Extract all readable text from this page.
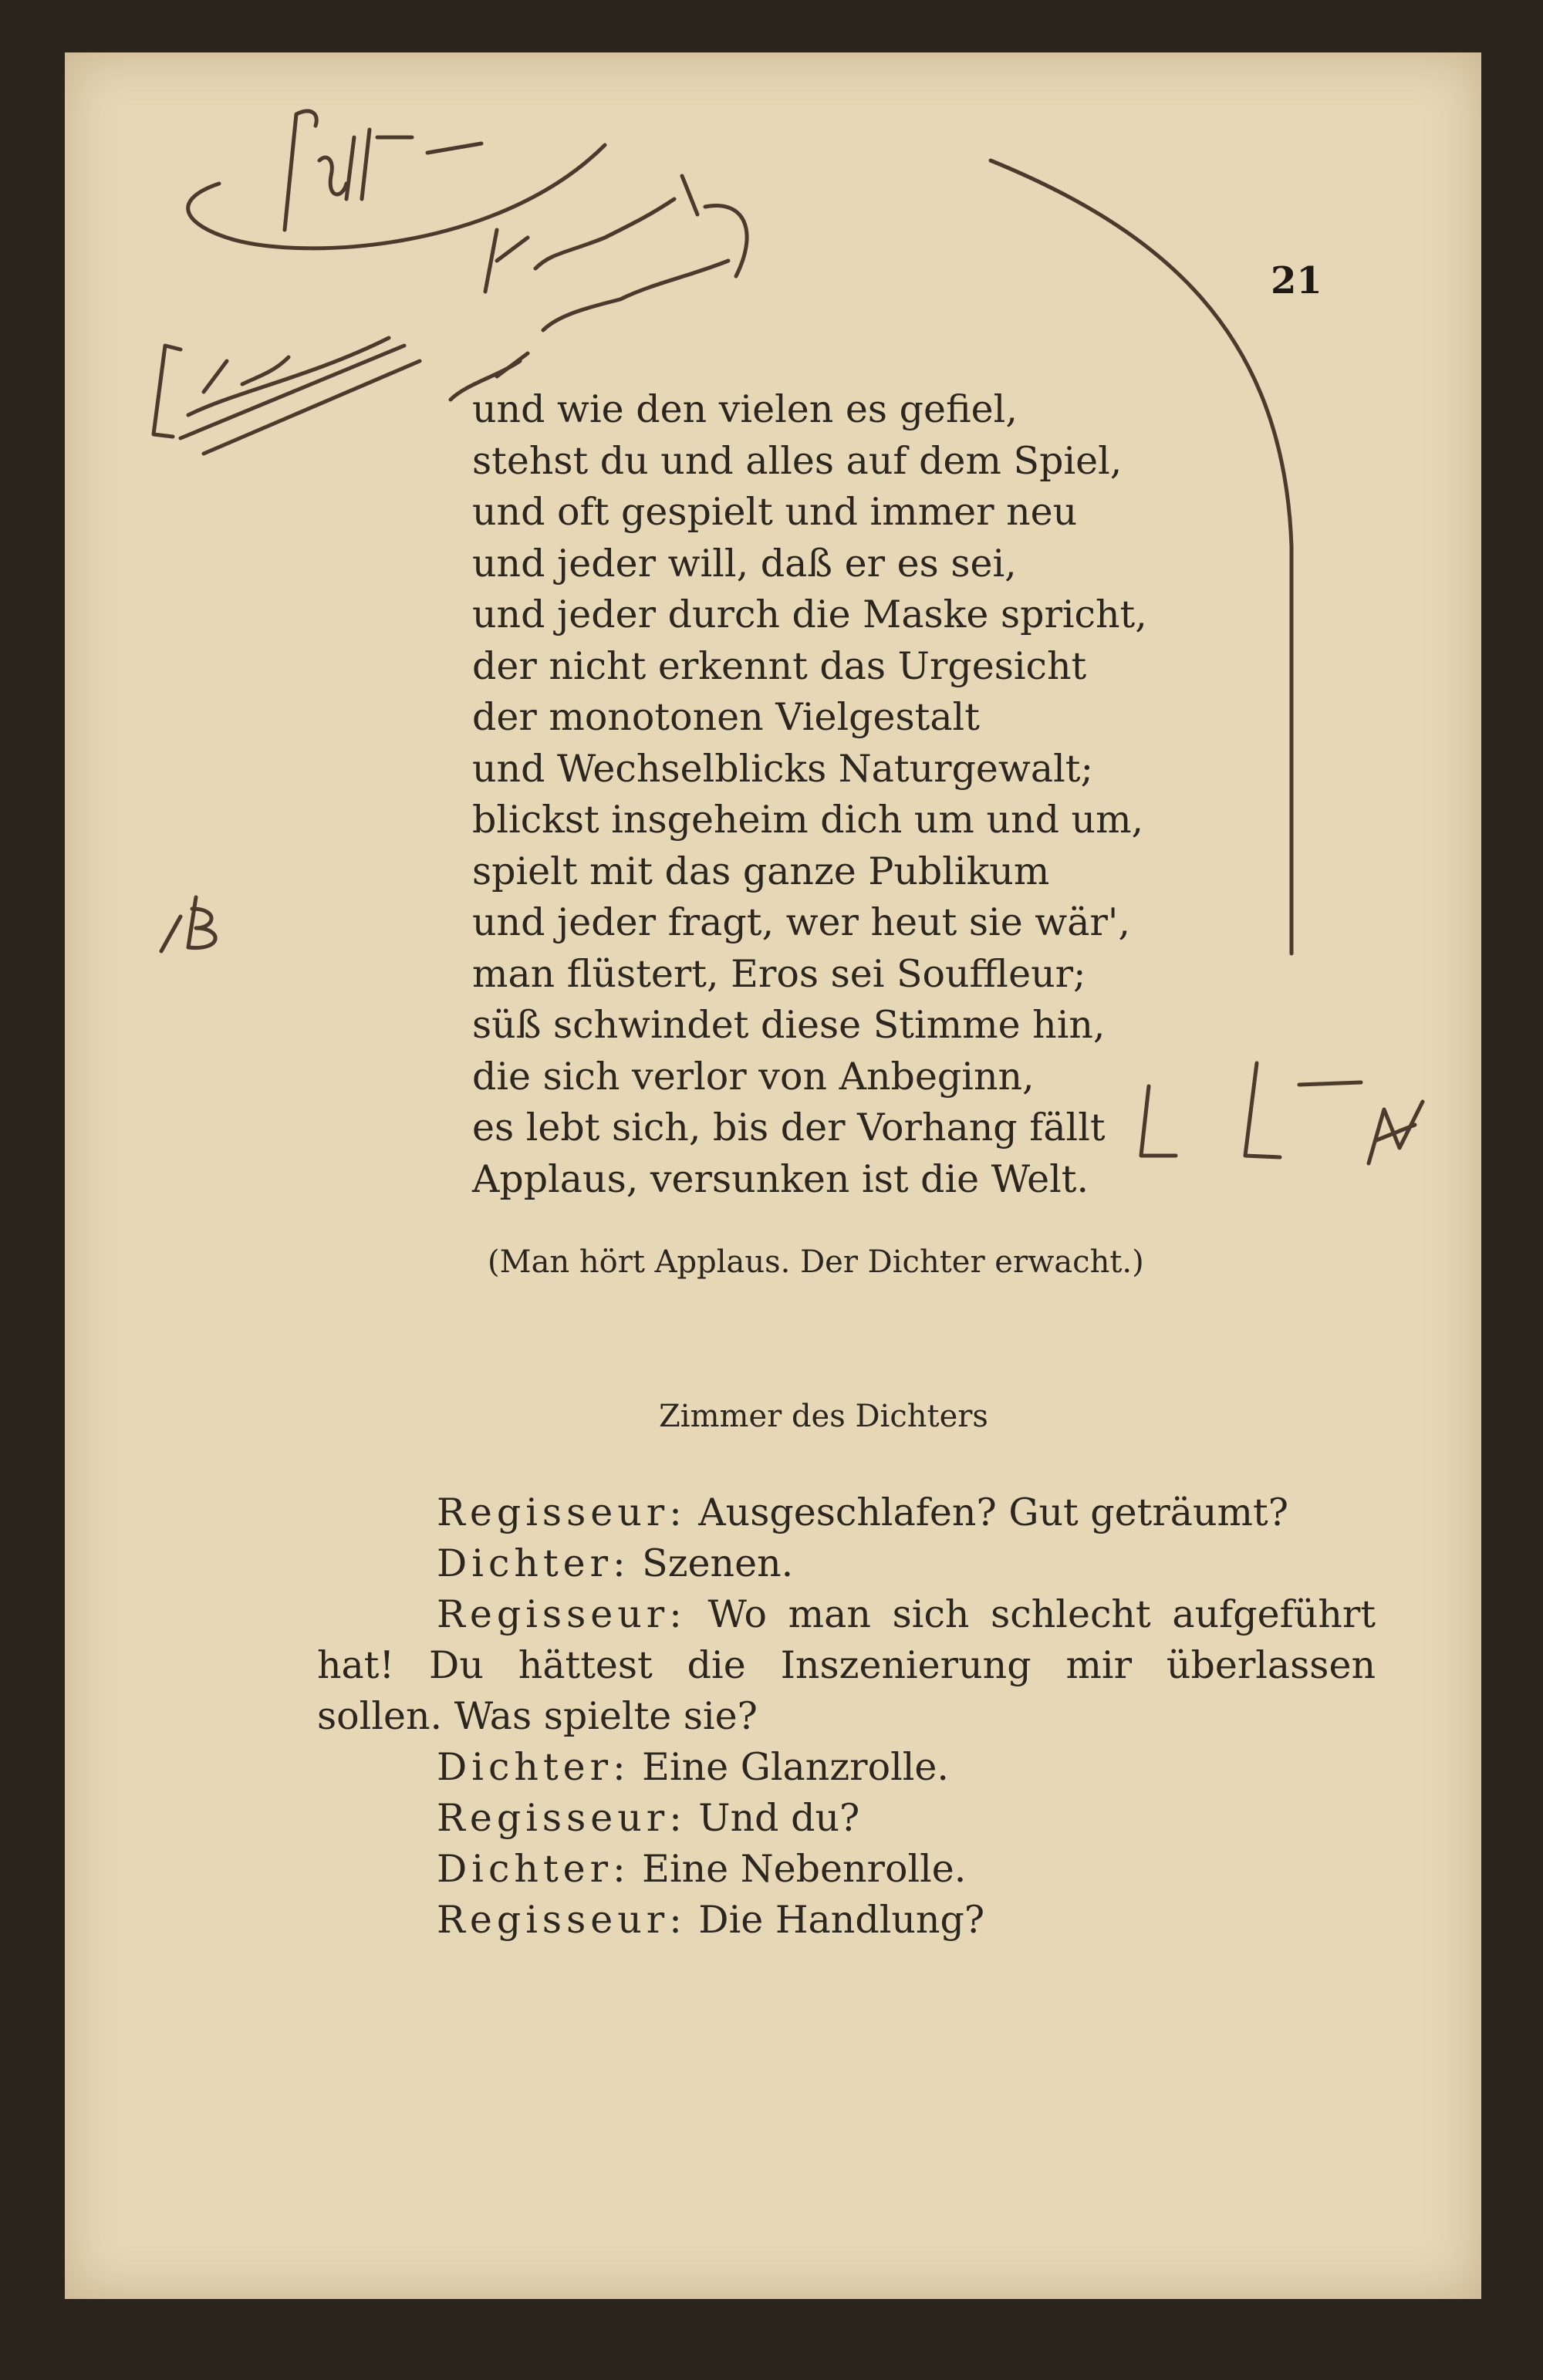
21
und wie den vielen es gefiel,
stehst du und alles auf dem Spiel,
und oft gespielt und immer neu
und jeder will, daß er es sei,
und jeder durch die Maske spricht,
der nicht erkennt das Urgesicht
der monotonen Vielgestalt
und Wechselblicks Naturgewalt;
blickst insgeheim dich um und um,
spielt mit das ganze Publikum
und jeder fragt, wer heut sie wär',
man flüstert, Eros sei Souffleur;
süß schwindet diese Stimme hin,
die sich verlor von Anbeginn,
es lebt sich, bis der Vorhang fällt
Applaus, versunken ist die Welt.
(Man hört Applaus. Der Dichter erwacht.)
Zimmer des Dichters

Regisseur: Ausgeschlafen? Gut geträumt?

Dichter: Szenen.

Regisseur: Wo man sich schlecht aufgeführt hat! Du hättest die Inszenierung mir überlassen sollen. Was spielte sie?

Dichter: Eine Glanzrolle.

Regisseur: Und du?

Dichter: Eine Nebenrolle.

Regisseur: Die Handlung?
